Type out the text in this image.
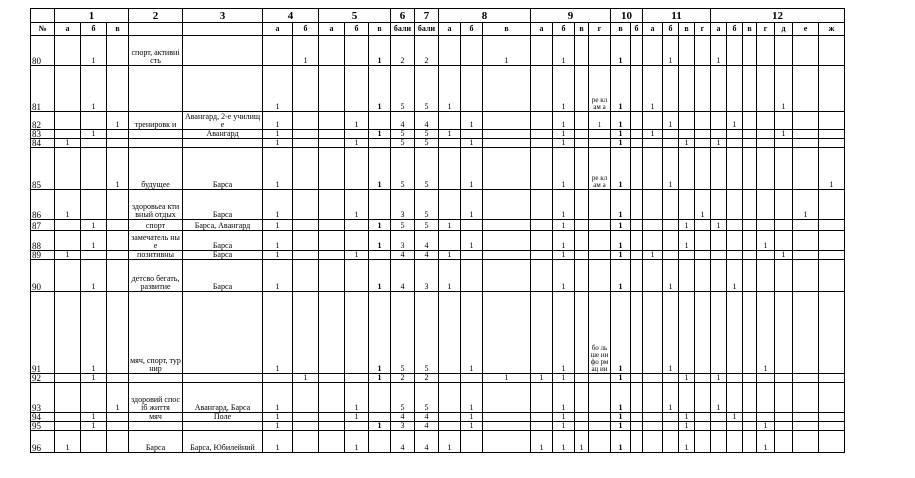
	1			2	3	4		5			6	7	8			9				10		11				12						
№	а	б	в			а	б	а	б	в	бали	бали	а	б	в	а	б	в	г	в	б	а	б	в	г	а	б	в	г	д	е	ж
80		1		спорт, активність			1			1	2	2			1		1			1			1			1						
81		1				1				1	5	5	1				1		ре кл ам а	1		1								1		
82			1	тренировк и	Авангард, 2-е училище	1			1		4	4		1			1		1	1			1				1					
83		1			Авангард	1				1	5	5	1				1			1		1								1		
84	1					1			1		5	5		1			1			1				1		1						
85			1	будущее	Барса	1				1	5	5		1			1		ре кл ам а	1			1									1
86	1			здоровьеа ктивный отдых	Барса	1			1		3	5		1			1			1					1						1	
87		1		спорт	Барса, Авангард	1				1	5	5	1				1			1				1		1						
88		1		замечатель ные	Барса	1				1	3	4		1			1			1				1					1			
89	1			позитивны	Барса	1			1		4	4	1				1			1		1								1		
90		1		детсво бегать, развитие	Барса	1				1	4	3	1				1			1			1				1					
91		1		мяч, спорт, турнир		1				1	5	5		1			1		бо ль ше ни фо рм ац ии	1			1						1			
92		1					1			1	2	2			1	1	1			1				1		1						
93			1	здоровий спосіб життя	Авангард, Барса	1			1		5	5		1			1			1			1			1						
94		1		мяч	Поле	1			1		4	4		1			1			1				1			1					
95		1				1				1	3	4		1			1			1				1					1			
96	1			Барса	Барса, Юбилейний	1			1		4	4	1			1	1	1		1				1					1			
